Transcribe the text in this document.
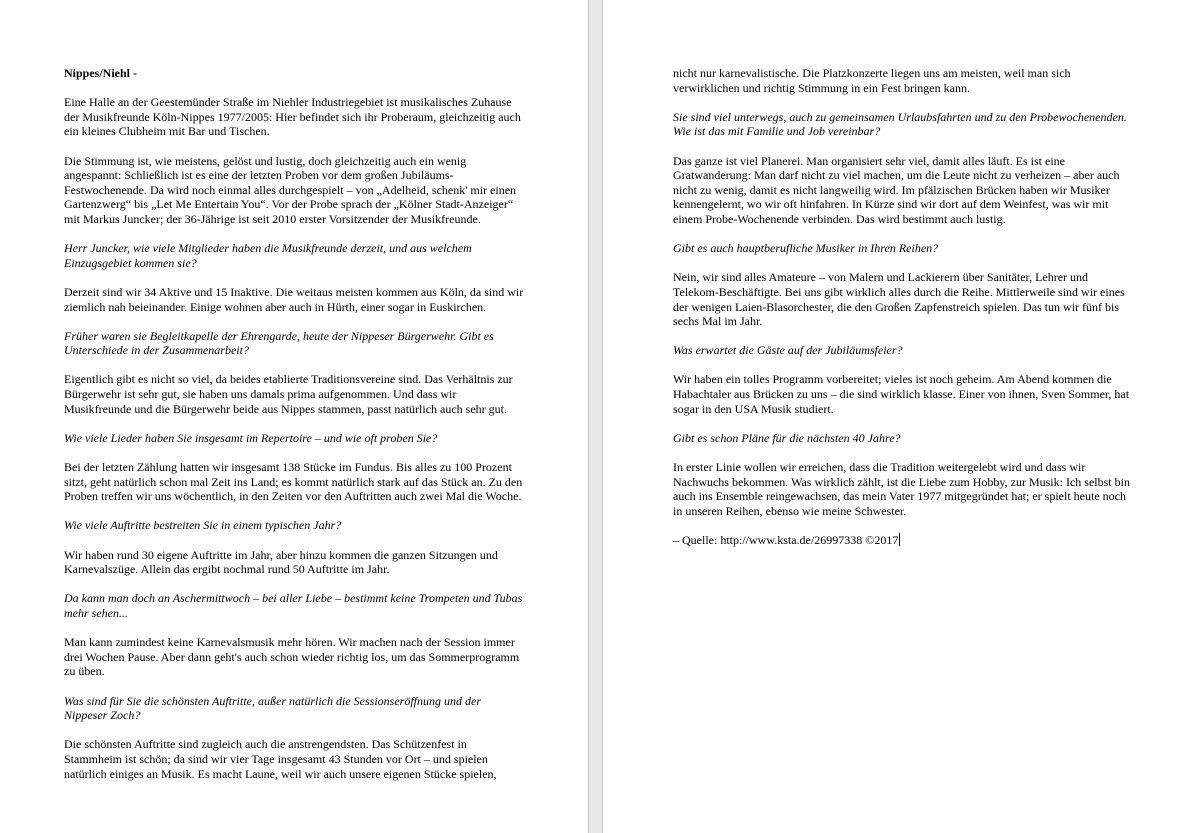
Nippes/Niehl -

Eine Halle an der Geestemünder Straße im Niehler Industriegebiet ist musikalisches Zuhause der Musikfreunde Köln-Nippes 1977/2005: Hier befindet sich ihr Proberaum, gleichzeitig auch ein kleines Clubheim mit Bar und Tischen.

Die Stimmung ist, wie meistens, gelöst und lustig, doch gleichzeitig auch ein wenig angespannt: Schließlich ist es eine der letzten Proben vor dem großen Jubiläums-Festwochenende. Da wird noch einmal alles durchgespielt – von „Adelheid, schenk' mir einen Gartenzwerg“ bis „Let Me Entertain You“. Vor der Probe sprach der „Kölner Stadt-Anzeiger“ mit Markus Juncker; der 36-Jährige ist seit 2010 erster Vorsitzender der Musikfreunde.

Herr Juncker, wie viele Mitglieder haben die Musikfreunde derzeit, und aus welchem Einzugsgebiet kommen sie?

Derzeit sind wir 34 Aktive und 15 Inaktive. Die weitaus meisten kommen aus Köln, da sind wir ziemlich nah beieinander. Einige wohnen aber auch in Hürth, einer sogar in Euskirchen.

Früher waren sie Begleitkapelle der Ehrengarde, heute der Nippeser Bürgerwehr. Gibt es Unterschiede in der Zusammenarbeit?

Eigentlich gibt es nicht so viel, da beides etablierte Traditionsvereine sind. Das Verhältnis zur Bürgerwehr ist sehr gut, sie haben uns damals prima aufgenommen. Und dass wir Musikfreunde und die Bürgerwehr beide aus Nippes stammen, passt natürlich auch sehr gut.

Wie viele Lieder haben Sie insgesamt im Repertoire – und wie oft proben Sie?

Bei der letzten Zählung hatten wir insgesamt 138 Stücke im Fundus. Bis alles zu 100 Prozent sitzt, geht natürlich schon mal Zeit ins Land; es kommt natürlich stark auf das Stück an. Zu den Proben treffen wir uns wöchentlich, in den Zeiten vor den Auftritten auch zwei Mal die Woche.

Wie viele Auftritte bestreiten Sie in einem typischen Jahr?

Wir haben rund 30 eigene Auftritte im Jahr, aber hinzu kommen die ganzen Sitzungen und Karnevalszüge. Allein das ergibt nochmal rund 50 Auftritte im Jahr.

Da kann man doch an Aschermittwoch – bei aller Liebe – bestimmt keine Trompeten und Tubas mehr sehen...

Man kann zumindest keine Karnevalsmusik mehr hören. Wir machen nach der Session immer drei Wochen Pause. Aber dann geht's auch schon wieder richtig los, um das Sommerprogramm zu üben.

Was sind für Sie die schönsten Auftritte, außer natürlich die Sessionseröffnung und der Nippeser Zoch?

Die schönsten Auftritte sind zugleich auch die anstrengendsten. Das Schützenfest in Stammheim ist schön; da sind wir vier Tage insgesamt 43 Stunden vor Ort – und spielen natürlich einiges an Musik. Es macht Laune, weil wir auch unsere eigenen Stücke spielen,

nicht nur karnevalistische. Die Platzkonzerte liegen uns am meisten, weil man sich verwirklichen und richtig Stimmung in ein Fest bringen kann.

Sie sind viel unterwegs, auch zu gemeinsamen Urlaubsfahrten und zu den Probewochenenden. Wie ist das mit Familie und Job vereinbar?

Das ganze ist viel Planerei. Man organisiert sehr viel, damit alles läuft. Es ist eine Gratwanderung: Man darf nicht zu viel machen, um die Leute nicht zu verheizen – aber auch nicht zu wenig, damit es nicht langweilig wird. Im pfälzischen Brücken haben wir Musiker kennengelernt, wo wir oft hinfahren. In Kürze sind wir dort auf dem Weinfest, was wir mit einem Probe-Wochenende verbinden. Das wird bestimmt auch lustig.

Gibt es auch hauptberufliche Musiker in Ihren Reihen?

Nein, wir sind alles Amateure – von Malern und Lackierern über Sanitäter, Lehrer und Telekom-Beschäftigte. Bei uns gibt wirklich alles durch die Reihe. Mittlerweile sind wir eines der wenigen Laien-Blasorchester, die den Großen Zapfenstreich spielen. Das tun wir fünf bis sechs Mal im Jahr.

Was erwartet die Gäste auf der Jubiläumsfeier?

Wir haben ein tolles Programm vorbereitet; vieles ist noch geheim. Am Abend kommen die Habachtaler aus Brücken zu uns – die sind wirklich klasse. Einer von ihnen, Sven Sommer, hat sogar in den USA Musik studiert.

Gibt es schon Pläne für die nächsten 40 Jahre?

In erster Linie wollen wir erreichen, dass die Tradition weitergelebt wird und dass wir Nachwuchs bekommen. Was wirklich zählt, ist die Liebe zum Hobby, zur Musik: Ich selbst bin auch ins Ensemble reingewachsen, das mein Vater 1977 mitgegründet hat; er spielt heute noch in unseren Reihen, ebenso wie meine Schwester.

– Quelle: http://www.ksta.de/26997338 ©2017
